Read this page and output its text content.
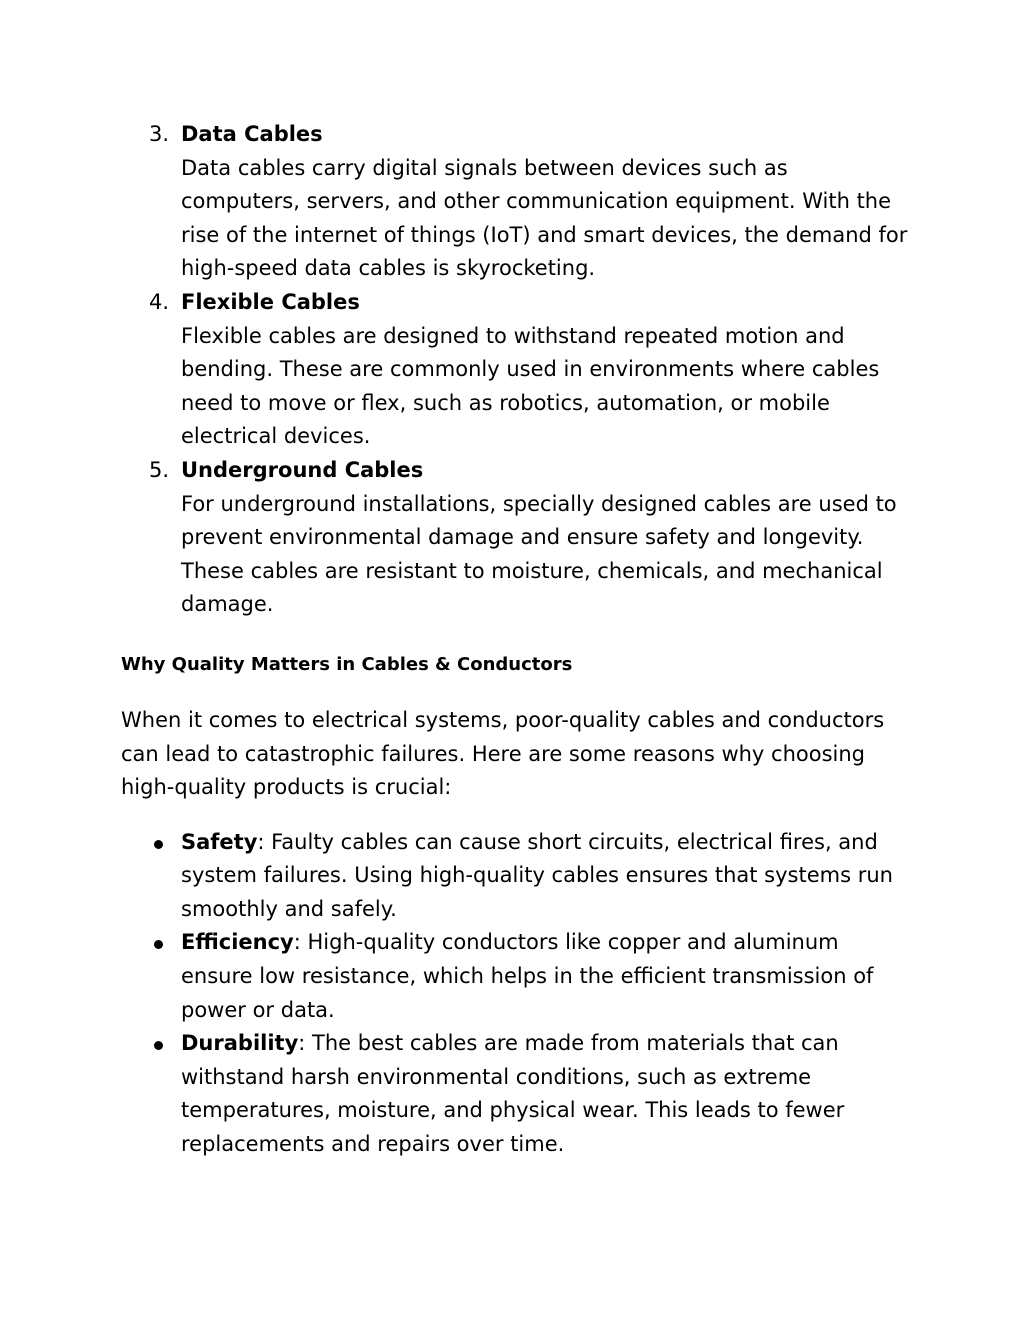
3. Data Cables
Data cables carry digital signals between devices such as computers, servers, and other communication equipment. With the rise of the internet of things (IoT) and smart devices, the demand for high-speed data cables is skyrocketing.
4. Flexible Cables
Flexible cables are designed to withstand repeated motion and bending. These are commonly used in environments where cables need to move or flex, such as robotics, automation, or mobile electrical devices.
5. Underground Cables
For underground installations, specially designed cables are used to prevent environmental damage and ensure safety and longevity. These cables are resistant to moisture, chemicals, and mechanical damage.
Why Quality Matters in Cables & Conductors

When it comes to electrical systems, poor-quality cables and conductors can lead to catastrophic failures. Here are some reasons why choosing high-quality products is crucial:

Safety: Faulty cables can cause short circuits, electrical fires, and system failures. Using high-quality cables ensures that systems run smoothly and safely.
Efficiency: High-quality conductors like copper and aluminum ensure low resistance, which helps in the efficient transmission of power or data.
Durability: The best cables are made from materials that can withstand harsh environmental conditions, such as extreme temperatures, moisture, and physical wear. This leads to fewer replacements and repairs over time.
